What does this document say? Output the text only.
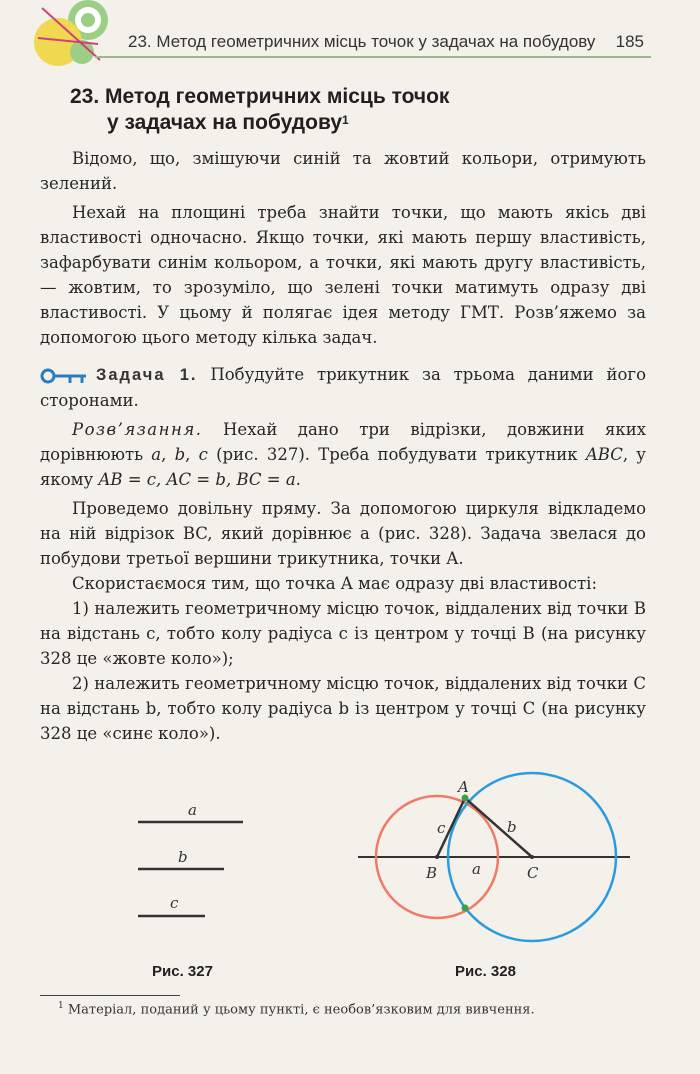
23. Метод геометричних місць точок у задачах на побудову 185
23. Метод геометричних місць точок
у задачах на побудову$^1$

Відомо, що, змішуючи синій та жовтий кольори, отримують зелений.

Нехай на площині треба знайти точки, що мають якісь дві властивості одночасно. Якщо точки, які мають першу властивість, зафарбувати синім кольором, а точки, які мають другу властивість, — жовтим, то зрозуміло, що зелені точки матимуть одразу дві властивості. У цьому й полягає ідея методу ГМТ. Розв’яжемо за допомогою цього методу кілька задач.

Задача 1. Побудуйте трикутник за трьома даними його сторонами.

Розв’язання. Нехай дано три відрізки, довжини яких дорівнюють a, b, c (рис. 327). Треба побудувати трикутник ABC, у якому AB = c, AC = b, BC = a.

Проведемо довільну пряму. За допомогою циркуля відкладемо на ній відрізок BC, який дорівнює a (рис. 328). Задача звелася до побудови третьої вершини трикутника, точки A.

Скористаємося тим, що точка A має одразу дві властивості:

1) належить геометричному місцю точок, віддалених від точки B на відстань c, тобто колу радіуса c із центром у точці B (на рисунку 328 це «жовте коло»);

2) належить геометричному місцю точок, віддалених від точки C на відстань b, тобто колу радіуса b із центром у точці C (на рисунку 328 це «синє коло»).

a
b
c
A
B	C
a
b
c
Рис. 327	Рис. 328
$^1$ Матеріал, поданий у цьому пункті, є необов’язковим для вивчення.
